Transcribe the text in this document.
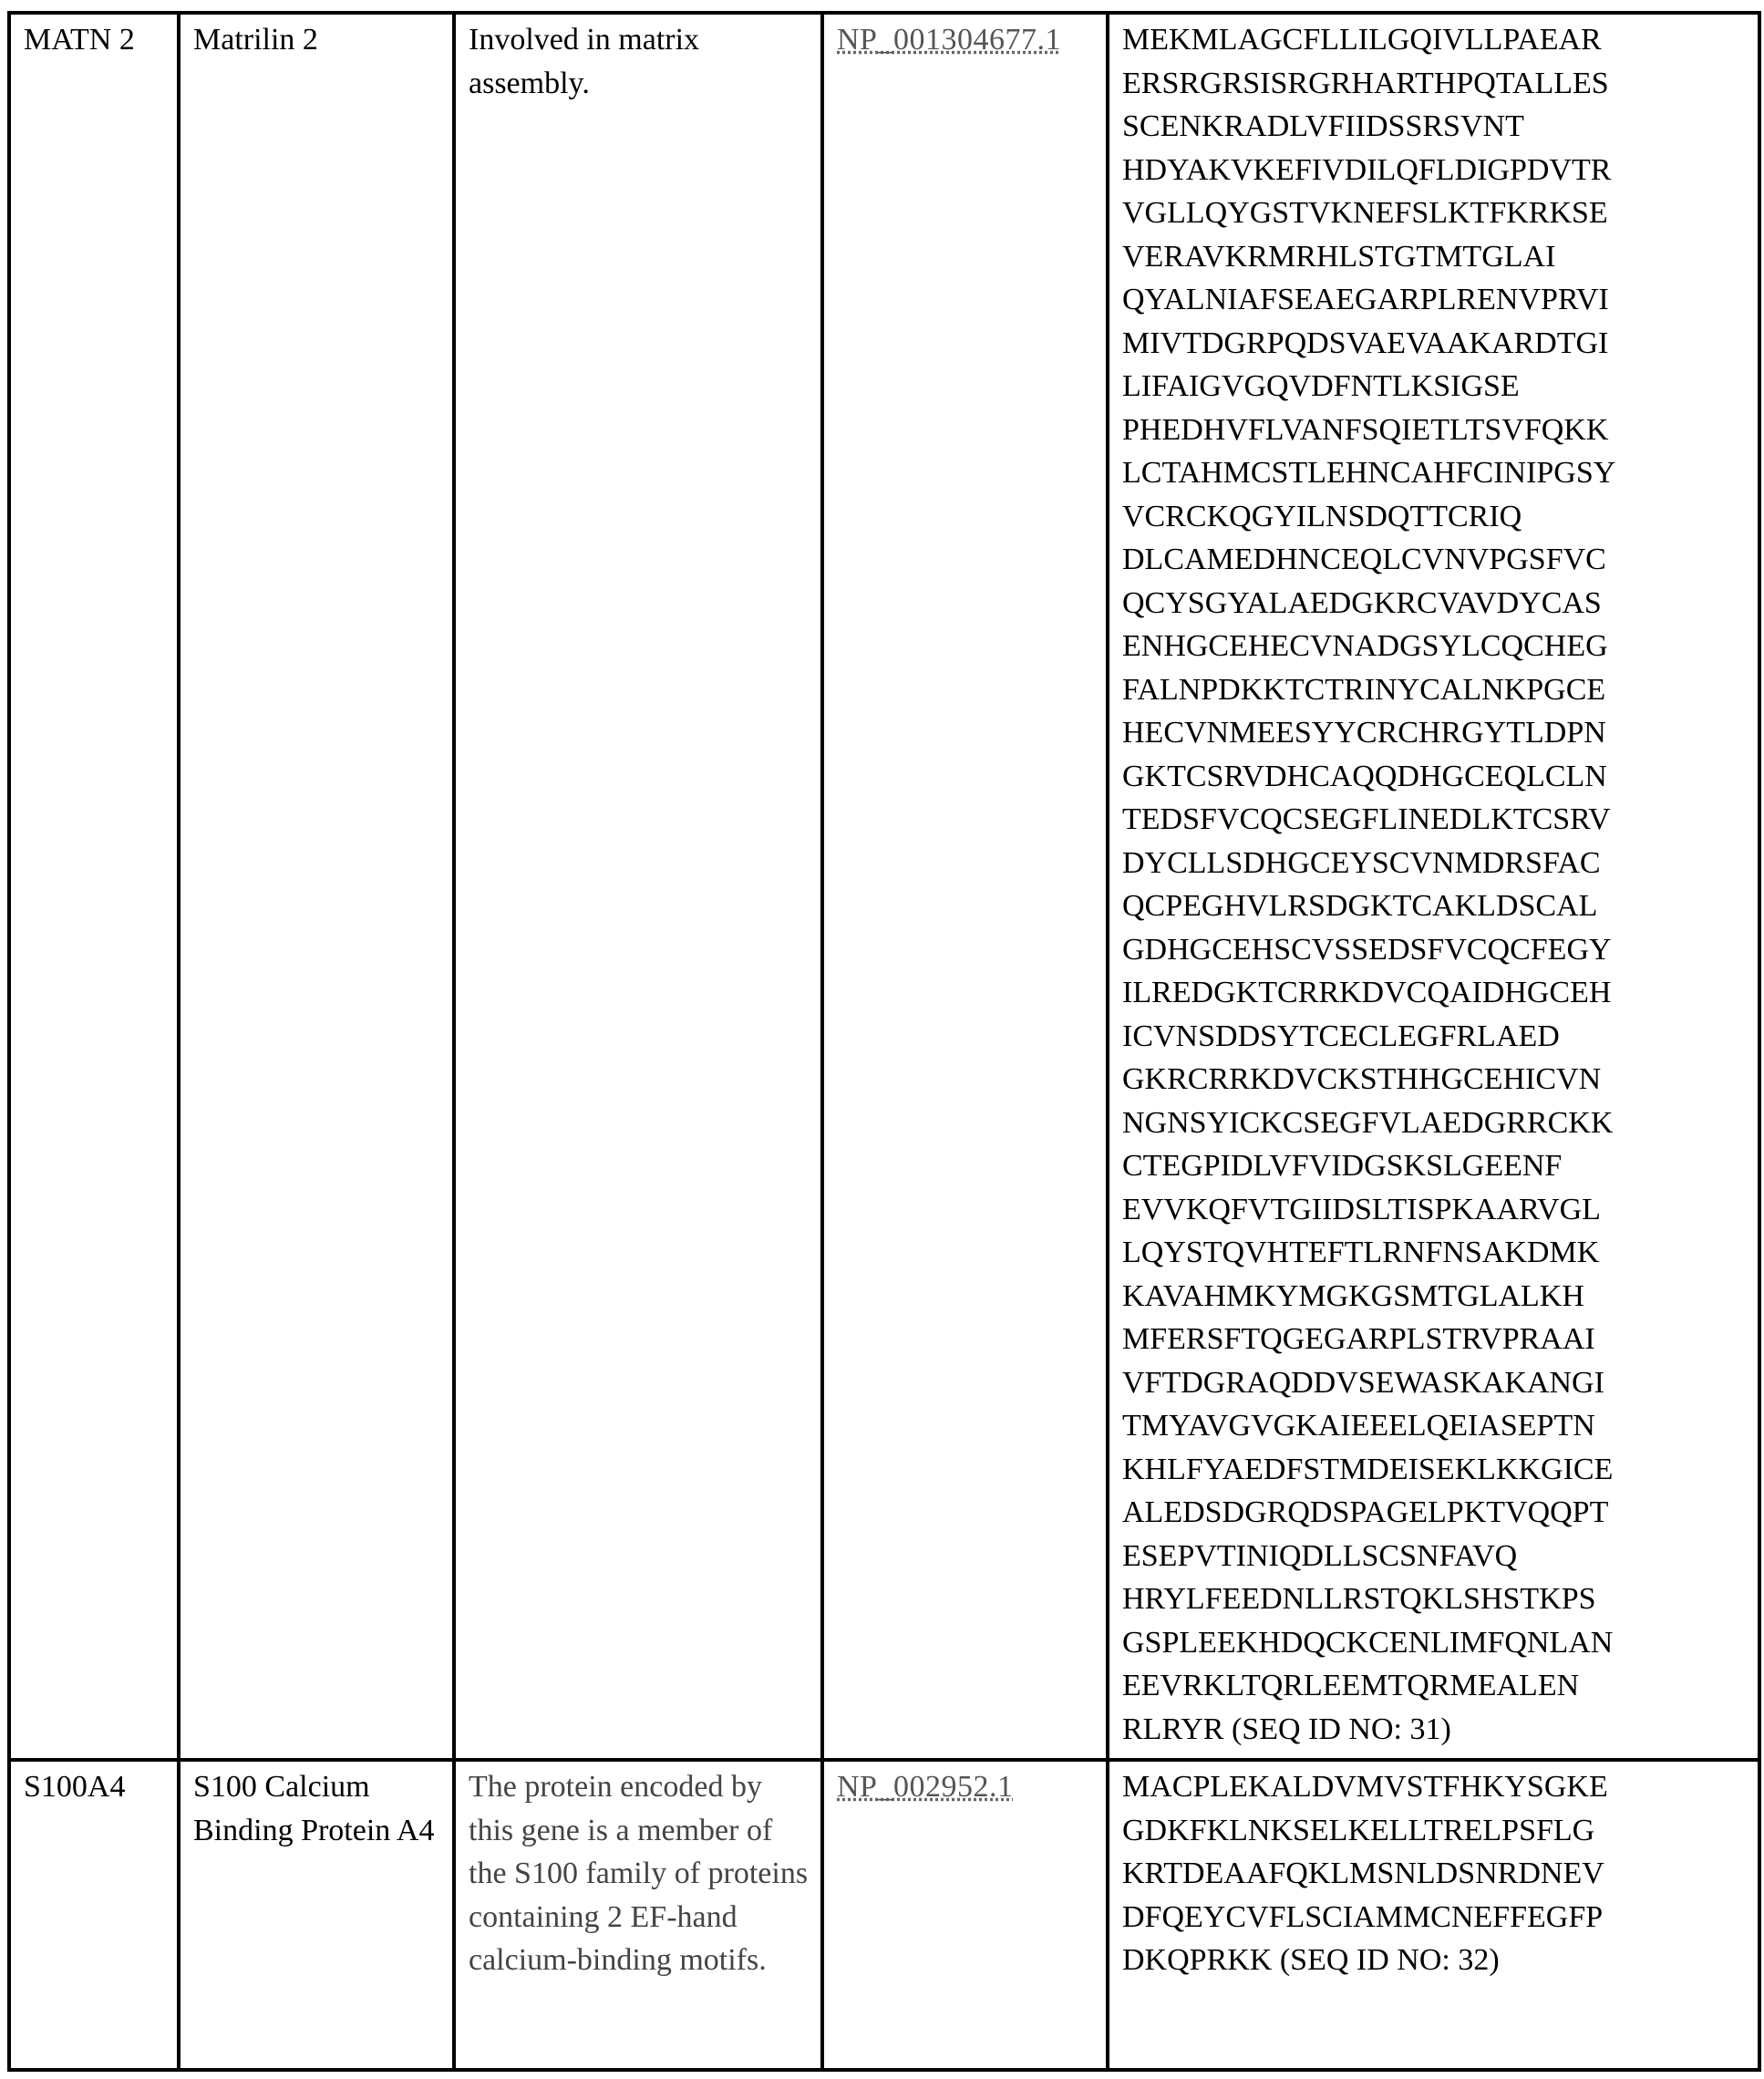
MATN 2	Matrilin 2	Involved in matrix assembly.	NP_001304677.1	MEKMLAGCFLLILGQIVLLPAEAR
ERSRGRSISRGRHARTHPQTALLES
SCENKRADLVFIIDSSRSVNT
HDYAKVKEFIVDILQFLDIGPDVTR
VGLLQYGSTVKNEFSLKTFKRKSE
VERAVKRMRHLSTGTMTGLAI
QYALNIAFSEAEGARPLRENVPRVI
MIVTDGRPQDSVAEVAAKARDTGI
LIFAIGVGQVDFNTLKSIGSE
PHEDHVFLVANFSQIETLTSVFQKK
LCTAHMCSTLEHNCAHFCINIPGSY
VCRCKQGYILNSDQTTCRIQ
DLCAMEDHNCEQLCVNVPGSFVC
QCYSGYALAEDGKRCVAVDYCAS
ENHGCEHECVNADGSYLCQCHEG
FALNPDKKTCTRINYCALNKPGCE
HECVNMEESYYCRCHRGYTLDPN
GKTCSRVDHCAQQDHGCEQLCLN
TEDSFVCQCSEGFLINEDLKTCSRV
DYCLLSDHGCEYSCVNMDRSFAC
QCPEGHVLRSDGKTCAKLDSCAL
GDHGCEHSCVSSEDSFVCQCFEGY
ILREDGKTCRRKDVCQAIDHGCEH
ICVNSDDSYTCECLEGFRLAED
GKRCRRKDVCKSTHHGCEHICVN
NGNSYICKCSEGFVLAEDGRRCKK
CTEGPIDLVFVIDGSKSLGEENF
EVVKQFVTGIIDSLTISPKAARVGL
LQYSTQVHTEFTLRNFNSAKDMK
KAVAHMKYMGKGSMTGLALKH
MFERSFTQGEGARPLSTRVPRAAI
VFTDGRAQDDVSEWASKAKANGI
TMYAVGVGKAIEEELQEIASEPTN
KHLFYAEDFSTMDEISEKLKKGICE
ALEDSDGRQDSPAGELPKTVQQPT
ESEPVTINIQDLLSCSNFAVQ
HRYLFEEDNLLRSTQKLSHSTKPS
GSPLEEKHDQCKCENLIMFQNLAN
EEVRKLTQRLEEMTQRMEALEN
RLRYR (SEQ ID NO: 31)

S100A4	S100 Calcium Binding Protein A4	The protein encoded by this gene is a member of the S100 family of proteins containing 2 EF-hand calcium-binding motifs.	NP_002952.1	MACPLEKALDVMVSTFHKYSGKE
GDKFKLNKSELKELLTRELPSFLG
KRTDEAAFQKLMSNLDSNRDNEV
DFQEYCVFLSCIAMMCNEFFEGFP
DKQPRKK (SEQ ID NO: 32)
